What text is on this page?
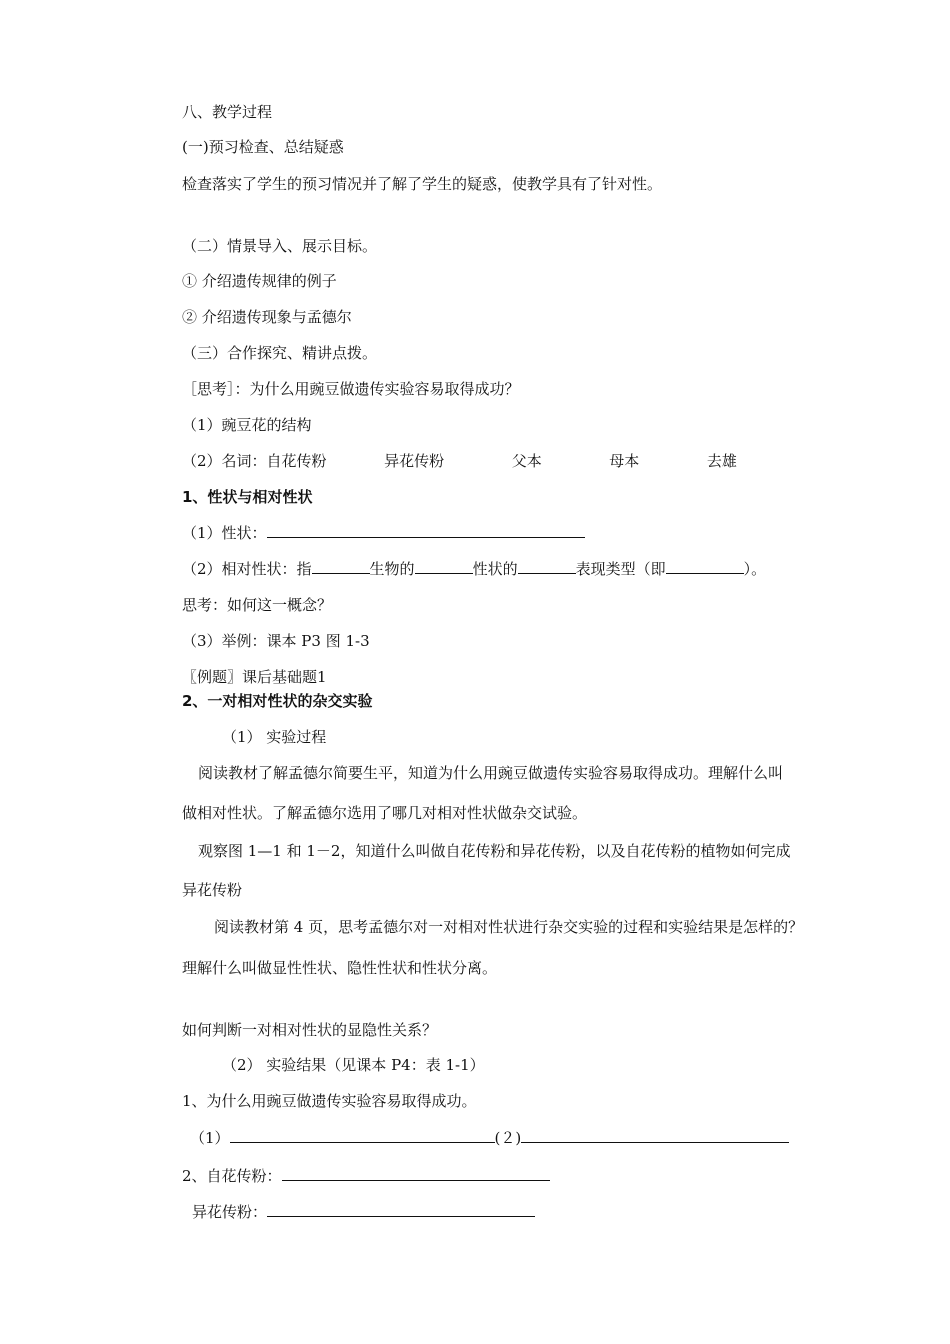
八、教学过程
(一)预习检查、总结疑惑
检查落实了学生的预习情况并了解了学生的疑惑，使教学具有了针对性。
（二）情景导入、展示目标。
① 介绍遗传规律的例子
② 介绍遗传现象与孟德尔
（三）合作探究、精讲点拨。
［思考］：为什么用豌豆做遗传实验容易取得成功？
（1）豌豆花的结构
（2）名词：自花传粉	异花传粉	父本	母本	去雄
1、性状与相对性状
（1）性状：
（2）相对性状：指	生物的	性状的	表现类型（即	）。
思考：如何这一概念？
（3）举例：课本 P3 图 1-3
〖例题〗课后基础题1
2、一对相对性状的杂交实验
（1） 实验过程
阅读教材了解孟德尔简要生平，知道为什么用豌豆做遗传实验容易取得成功。理解什么叫
做相对性状。了解孟德尔选用了哪几对相对性状做杂交试验。
观察图 1—1 和 1－2，知道什么叫做自花传粉和异花传粉，以及自花传粉的植物如何完成
异花传粉
阅读教材第 4 页，思考孟德尔对一对相对性状进行杂交实验的过程和实验结果是怎样的？
理解什么叫做显性性状、隐性性状和性状分离。
如何判断一对相对性状的显隐性关系？
（2） 实验结果（见课本 P4：表 1-1）
1、为什么用豌豆做遗传实验容易取得成功。
（1）	(２)
2、自花传粉：
异花传粉：
